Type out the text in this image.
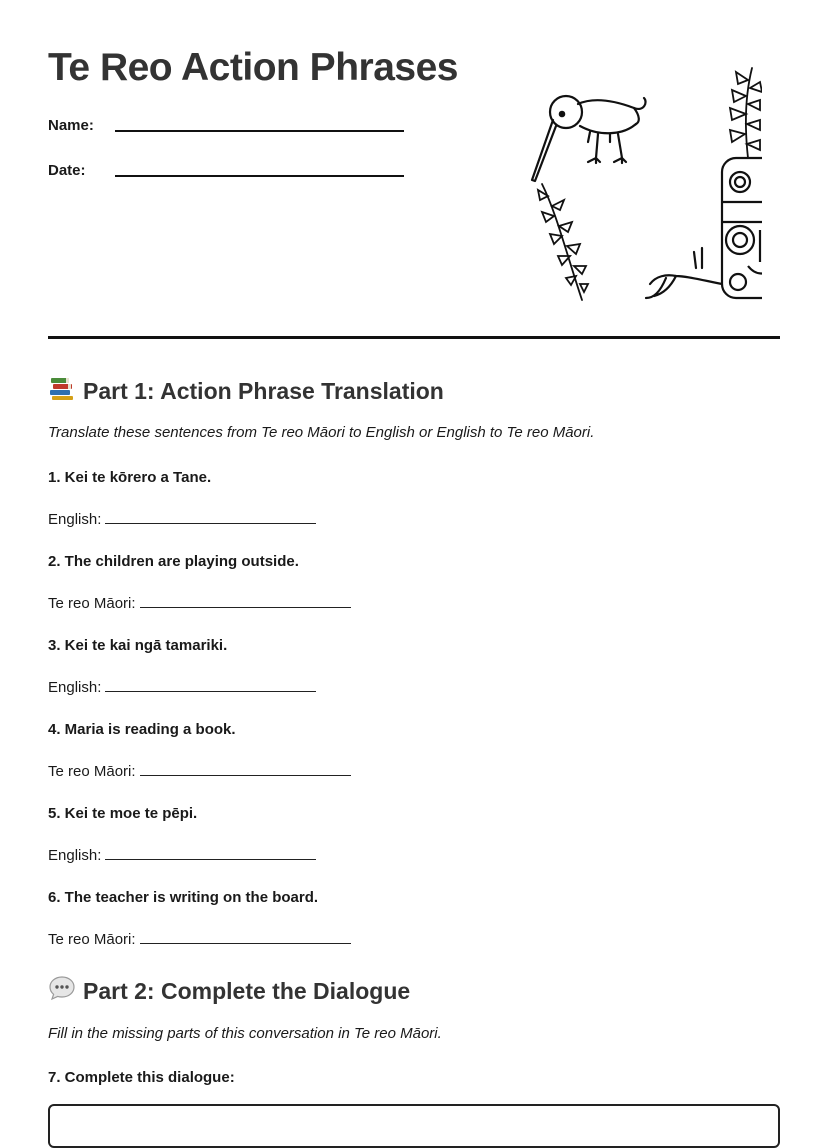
Te Reo Action Phrases
Name:
Date:
Part 1: Action Phrase Translation
Translate these sentences from Te reo Māori to English or English to Te reo Māori.
1. Kei te kōrero a Tane.
English:
2. The children are playing outside.
Te reo Māori:
3. Kei te kai ngā tamariki.
English:
4. Maria is reading a book.
Te reo Māori:
5. Kei te moe te pēpi.
English:
6. The teacher is writing on the board.
Te reo Māori:
Part 2: Complete the Dialogue
Fill in the missing parts of this conversation in Te reo Māori.
7. Complete this dialogue:
